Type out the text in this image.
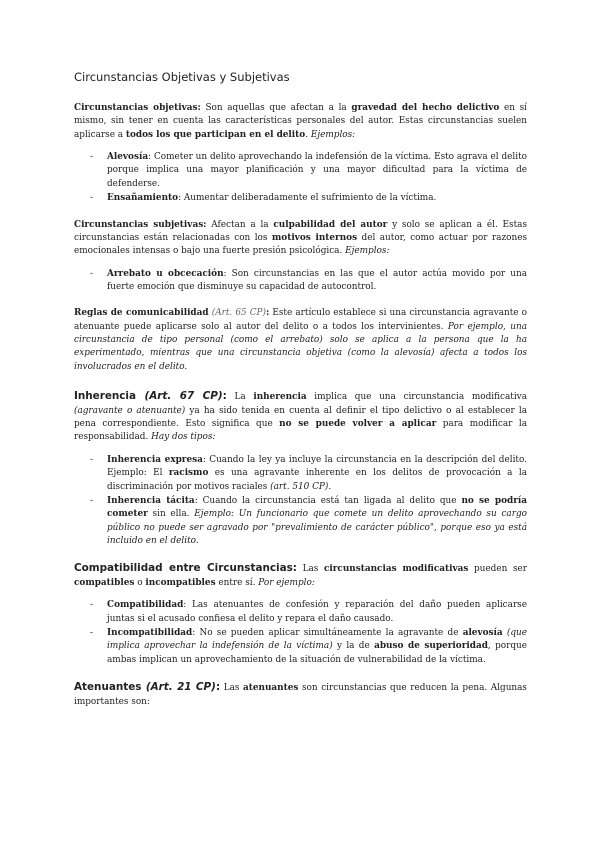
Circunstancias Objetivas y Subjetivas

Circunstancias objetivas: Son aquellas que afectan a la gravedad del hecho delictivo en sí mismo, sin tener en cuenta las características personales del autor. Estas circunstancias suelen aplicarse a todos los que participan en el delito. Ejemplos:

- Alevosía: Cometer un delito aprovechando la indefensión de la víctima. Esto agrava el delito porque implica una mayor planificación y una mayor dificultad para la víctima de defenderse.
- Ensañamiento: Aumentar deliberadamente el sufrimiento de la víctima.

Circunstancias subjetivas: Afectan a la culpabilidad del autor y solo se aplican a él. Estas circunstancias están relacionadas con los motivos internos del autor, como actuar por razones emocionales intensas o bajo una fuerte presión psicológica. Ejemplos:

- Arrebato u obcecación: Son circunstancias en las que el autor actúa movido por una fuerte emoción que disminuye su capacidad de autocontrol.

Reglas de comunicabilidad (Art. 65 CP): Este artículo establece si una circunstancia agravante o atenuante puede aplicarse solo al autor del delito o a todos los intervinientes. Por ejemplo, una circunstancia de tipo personal (como el arrebato) solo se aplica a la persona que la ha experimentado, mientras que una circunstancia objetiva (como la alevosía) afecta a todos los involucrados en el delito.

Inherencia (Art. 67 CP): La inherencia implica que una circunstancia modificativa (agravante o atenuante) ya ha sido tenida en cuenta al definir el tipo delictivo o al establecer la pena correspondiente. Esto significa que no se puede volver a aplicar para modificar la responsabilidad. Hay dos tipos:

- Inherencia expresa: Cuando la ley ya incluye la circunstancia en la descripción del delito. Ejemplo: El racismo es una agravante inherente en los delitos de provocación a la discriminación por motivos raciales (art. 510 CP).
- Inherencia tácita: Cuando la circunstancia está tan ligada al delito que no se podría cometer sin ella. Ejemplo: Un funcionario que comete un delito aprovechando su cargo público no puede ser agravado por "prevalimiento de carácter público", porque eso ya está incluido en el delito.

Compatibilidad entre Circunstancias: Las circunstancias modificativas pueden ser compatibles o incompatibles entre sí. Por ejemplo:

- Compatibilidad: Las atenuantes de confesión y reparación del daño pueden aplicarse juntas si el acusado confiesa el delito y repara el daño causado.
- Incompatibilidad: No se pueden aplicar simultáneamente la agravante de alevosía (que implica aprovechar la indefensión de la víctima) y la de abuso de superioridad, porque ambas implican un aprovechamiento de la situación de vulnerabilidad de la víctima.

Atenuantes (Art. 21 CP): Las atenuantes son circunstancias que reducen la pena. Algunas importantes son:
